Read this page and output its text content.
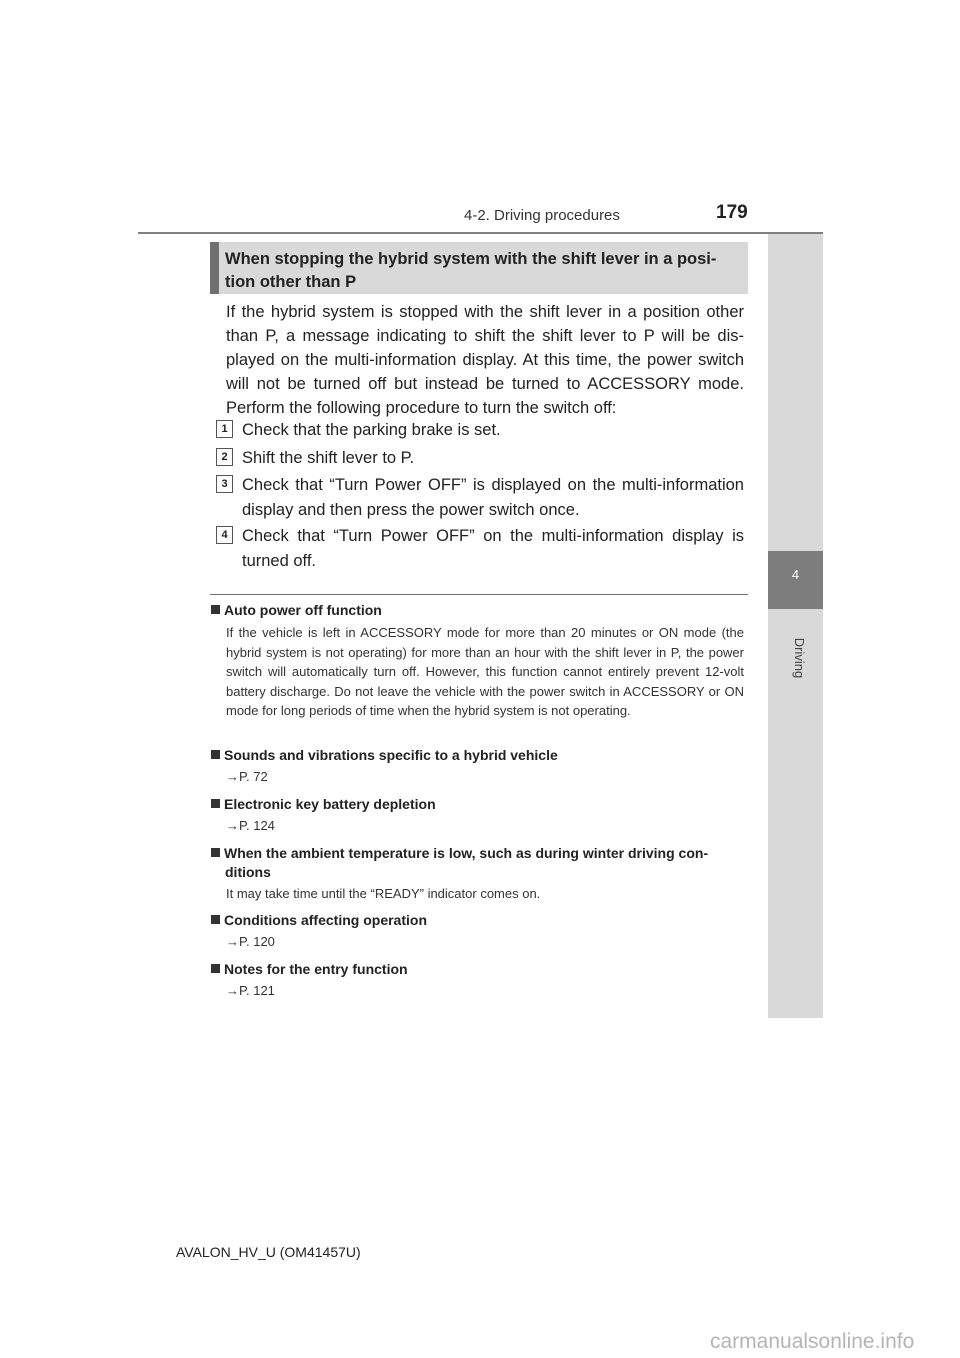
4-2. Driving procedures	179
4
Driving
When stopping the hybrid system with the shift lever in a posi-
tion other than P
If the hybrid system is stopped with the shift lever in a position other than P, a message indicating to shift the shift lever to P will be dis-played on the multi-information display. At this time, the power switch will not be turned off but instead be turned to ACCESSORY mode. Perform the following procedure to turn the switch off:
1 Check that the parking brake is set.
2 Shift the shift lever to P.
3 Check that “Turn Power OFF” is displayed on the multi-information display and then press the power switch once.
4 Check that “Turn Power OFF” on the multi-information display is turned off.
Auto power off function
If the vehicle is left in ACCESSORY mode for more than 20 minutes or ON mode (the hybrid system is not operating) for more than an hour with the shift lever in P, the power switch will automatically turn off. However, this function cannot entirely prevent 12-volt battery discharge. Do not leave the vehicle with the power switch in ACCESSORY or ON mode for long periods of time when the hybrid system is not operating.
Sounds and vibrations specific to a hybrid vehicle
→P. 72
Electronic key battery depletion
→P. 124
When the ambient temperature is low, such as during winter driving con-
ditions
It may take time until the “READY” indicator comes on.
Conditions affecting operation
→P. 120
Notes for the entry function
→P. 121
AVALON_HV_U (OM41457U)
carmanualsonline.info
